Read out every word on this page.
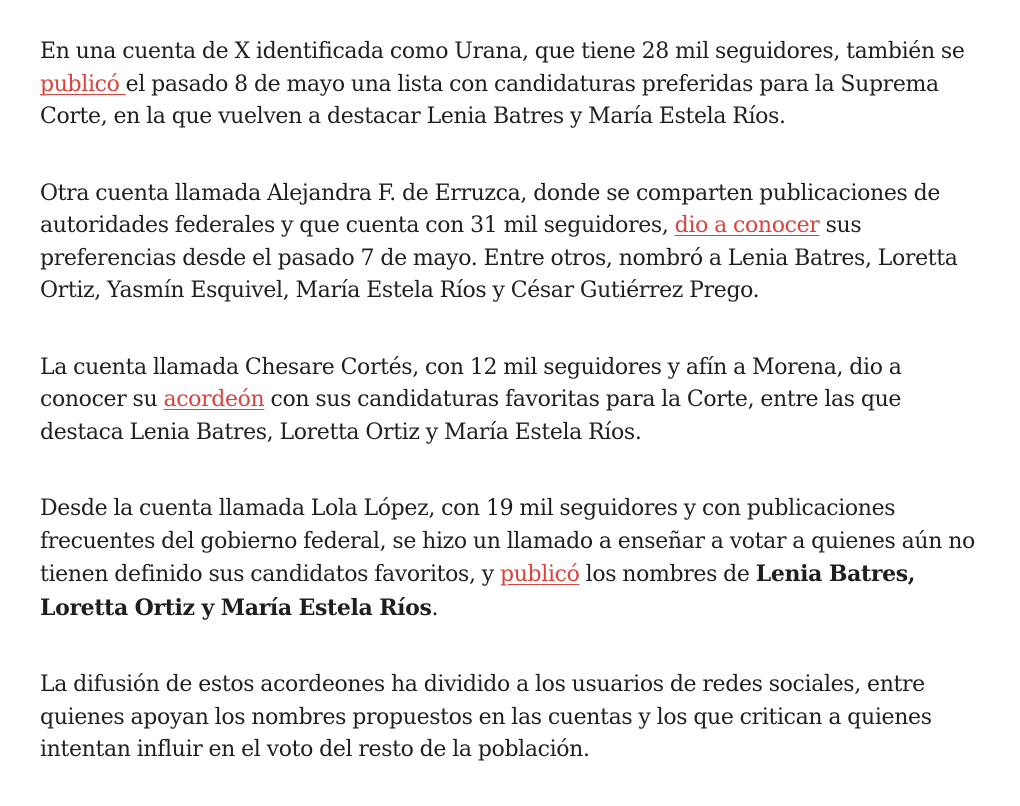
En una cuenta de X identificada como Urana, que tiene 28 mil seguidores, también se publicó el pasado 8 de mayo una lista con candidaturas preferidas para la Suprema Corte, en la que vuelven a destacar Lenia Batres y María Estela Ríos.

Otra cuenta llamada Alejandra F. de Erruzca, donde se comparten publicaciones de autoridades federales y que cuenta con 31 mil seguidores, dio a conocer sus preferencias desde el pasado 7 de mayo. Entre otros, nombró a Lenia Batres, Loretta Ortiz, Yasmín Esquivel, María Estela Ríos y César Gutiérrez Prego.

La cuenta llamada Chesare Cortés, con 12 mil seguidores y afín a Morena, dio a conocer su acordeón con sus candidaturas favoritas para la Corte, entre las que destaca Lenia Batres, Loretta Ortiz y María Estela Ríos.

Desde la cuenta llamada Lola López, con 19 mil seguidores y con publicaciones frecuentes del gobierno federal, se hizo un llamado a enseñar a votar a quienes aún no tienen definido sus candidatos favoritos, y publicó los nombres de Lenia Batres, Loretta Ortiz y María Estela Ríos.

La difusión de estos acordeones ha dividido a los usuarios de redes sociales, entre quienes apoyan los nombres propuestos en las cuentas y los que critican a quienes intentan influir en el voto del resto de la población.
